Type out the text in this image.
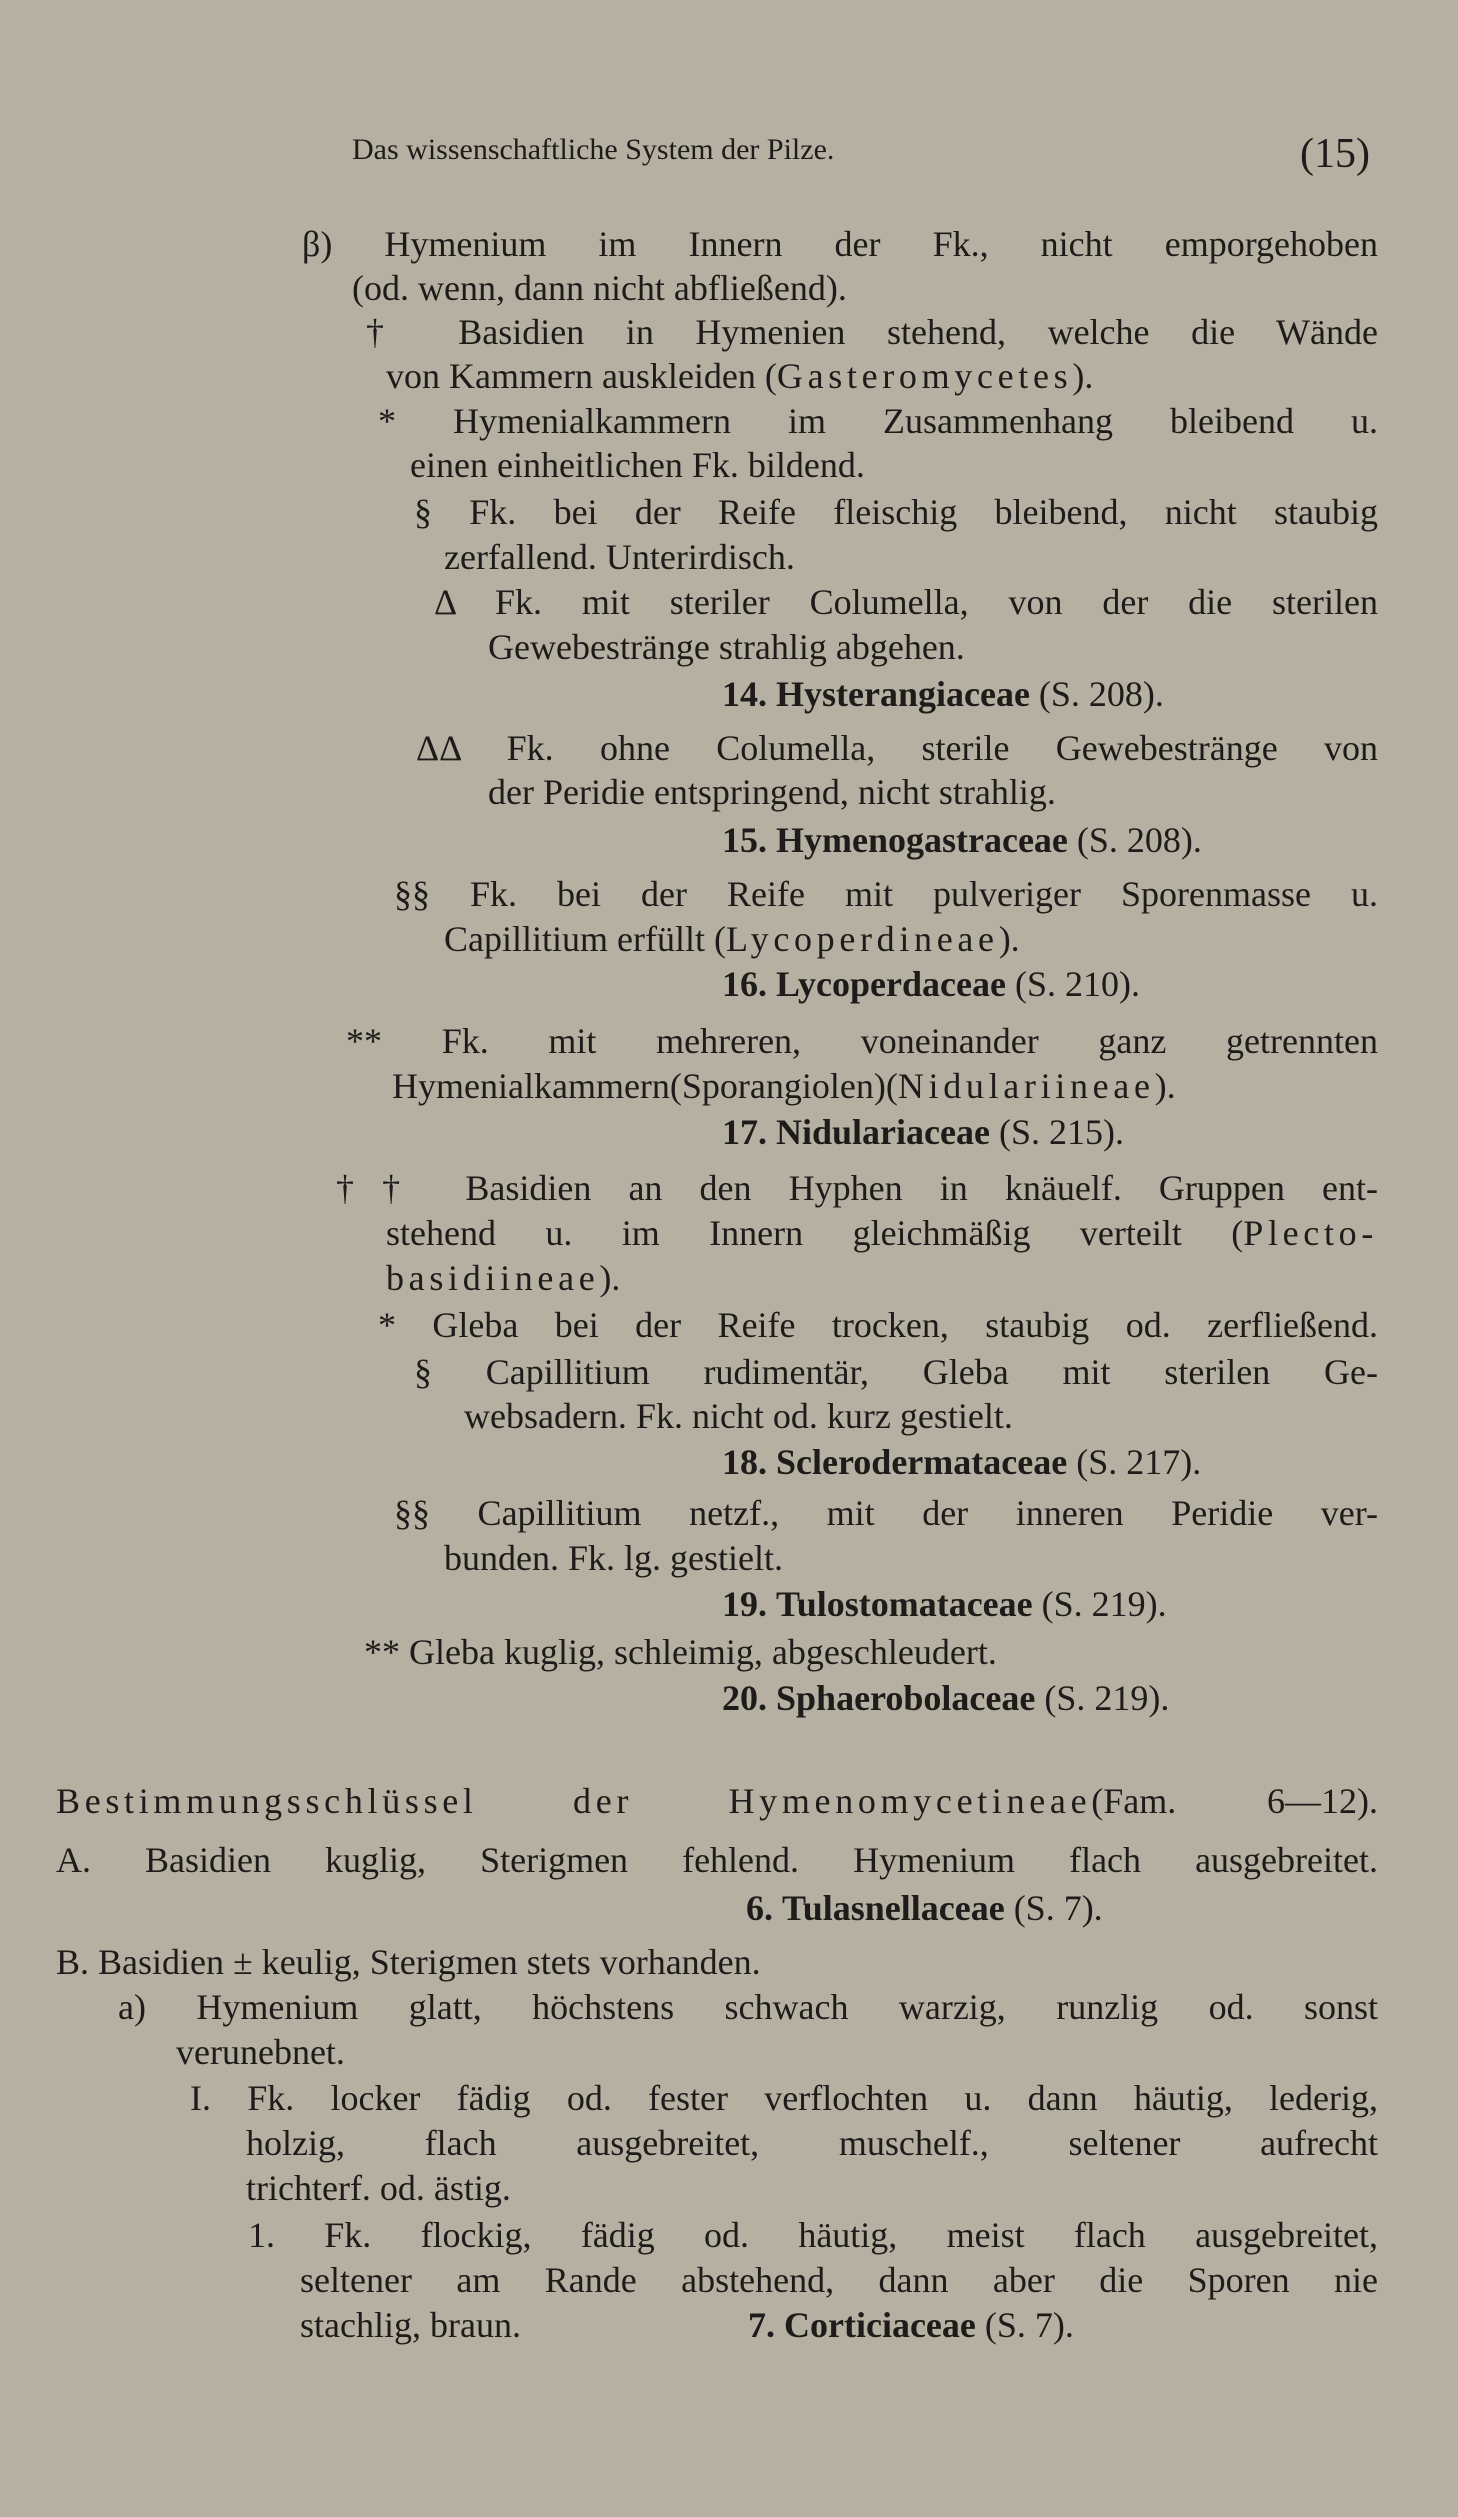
Das wissenschaftliche System der Pilze.	(15)
β) Hymenium im Innern der Fk., nicht emporgehoben
(od. wenn, dann nicht abfließend).
† Basidien in Hymenien stehend, welche die Wände
von Kammern auskleiden (Gasteromycetes).
* Hymenialkammern im Zusammenhang bleibend u.
einen einheitlichen Fk. bildend.
§ Fk. bei der Reife fleischig bleibend, nicht staubig
zerfallend. Unterirdisch.
Δ Fk. mit steriler Columella, von der die sterilen
Gewebestränge strahlig abgehen.
14. Hysterangiaceae (S. 208).
ΔΔ Fk. ohne Columella, sterile Gewebestränge von
der Peridie entspringend, nicht strahlig.
15. Hymenogastraceae (S. 208).
§§ Fk. bei der Reife mit pulveriger Sporenmasse u.
Capillitium erfüllt (Lycoperdineae).
16. Lycoperdaceae (S. 210).
** Fk. mit mehreren, voneinander ganz getrennten
Hymenialkammern(Sporangiolen)(Nidulariineae).
17. Nidulariaceae (S. 215).
†† Basidien an den Hyphen in knäuelf. Gruppen ent-
stehend u. im Innern gleichmäßig verteilt (Plecto-
basidiineae).
* Gleba bei der Reife trocken, staubig od. zerfließend.
§ Capillitium rudimentär, Gleba mit sterilen Ge-
websadern. Fk. nicht od. kurz gestielt.
18. Sclerodermataceae (S. 217).
§§ Capillitium netzf., mit der inneren Peridie ver-
bunden. Fk. lg. gestielt.
19. Tulostomataceae (S. 219).
** Gleba kuglig, schleimig, abgeschleudert.
20. Sphaerobolaceae (S. 219).
Bestimmungsschlüssel der Hymenomycetineae(Fam. 6—12).
A. Basidien kuglig, Sterigmen fehlend. Hymenium flach ausgebreitet.
6. Tulasnellaceae (S. 7).
B. Basidien ± keulig, Sterigmen stets vorhanden.
a) Hymenium glatt, höchstens schwach warzig, runzlig od. sonst
verunebnet.
I. Fk. locker fädig od. fester verflochten u. dann häutig, lederig,
holzig, flach ausgebreitet, muschelf., seltener aufrecht
trichterf. od. ästig.
1. Fk. flockig, fädig od. häutig, meist flach ausgebreitet,
seltener am Rande abstehend, dann aber die Sporen nie
stachlig, braun.	7. Corticiaceae (S. 7).
